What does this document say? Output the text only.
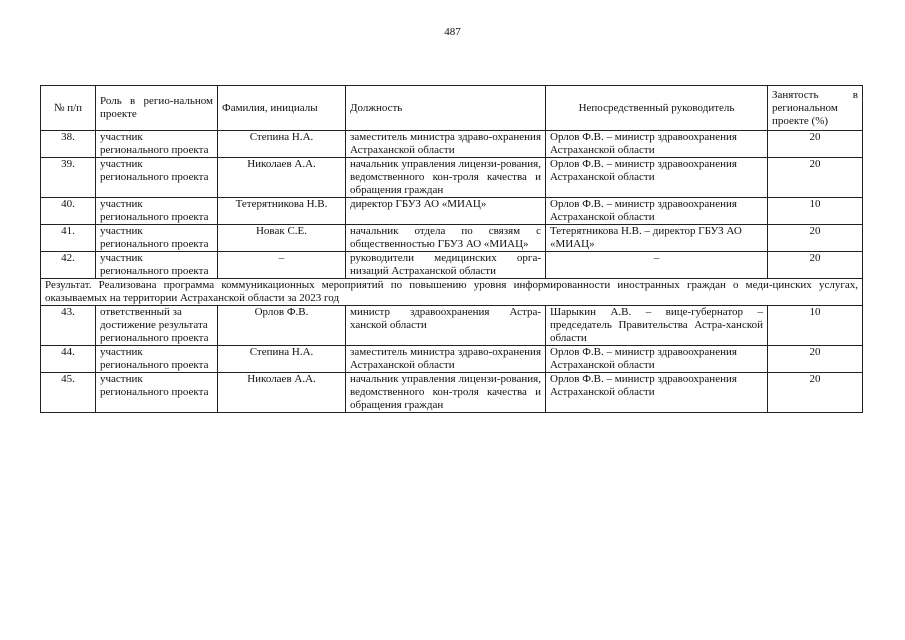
487
№ п/п	Роль в регио-нальном проекте	Фамилия, инициалы	Должность	Непосредственный руководитель	Занятость в региональном проекте (%)
38.	участник регионального проекта	Степина Н.А.	заместитель министра здраво-охранения Астраханской области	Орлов Ф.В. – министр здравоохранения Астраханской области	20
39.	участник регионального проекта	Николаев А.А.	начальник управления лицензи-рования, ведомственного кон-троля качества и обращения граждан	Орлов Ф.В. – министр здравоохранения Астраханской области	20
40.	участник регионального проекта	Тетерятникова Н.В.	директор ГБУЗ АО «МИАЦ»	Орлов Ф.В. – министр здравоохранения Астраханской области	10
41.	участник регионального проекта	Новак С.Е.	начальник отдела по связям с общественностью ГБУЗ АО «МИАЦ»	Тетерятникова Н.В. – директор ГБУЗ АО «МИАЦ»	20
42.	участник регионального проекта	–	руководители медицинских орга-низаций Астраханской области	–	20
Результат. Реализована программа коммуникационных мероприятий по повышению уровня информированности иностранных граждан о меди-цинских услугах, оказываемых на территории Астраханской области за 2023 год					
43.	ответственный за достижение результата регионального проекта	Орлов Ф.В.	министр здравоохранения Астра-ханской области	Шарыкин А.В. – вице-губернатор – председатель Правительства Астра-ханской области	10
44.	участник регионального проекта	Степина Н.А.	заместитель министра здраво-охранения Астраханской области	Орлов Ф.В. – министр здравоохранения Астраханской области	20
45.	участник регионального проекта	Николаев А.А.	начальник управления лицензи-рования, ведомственного кон-троля качества и обращения граждан	Орлов Ф.В. – министр здравоохранения Астраханской области	20
